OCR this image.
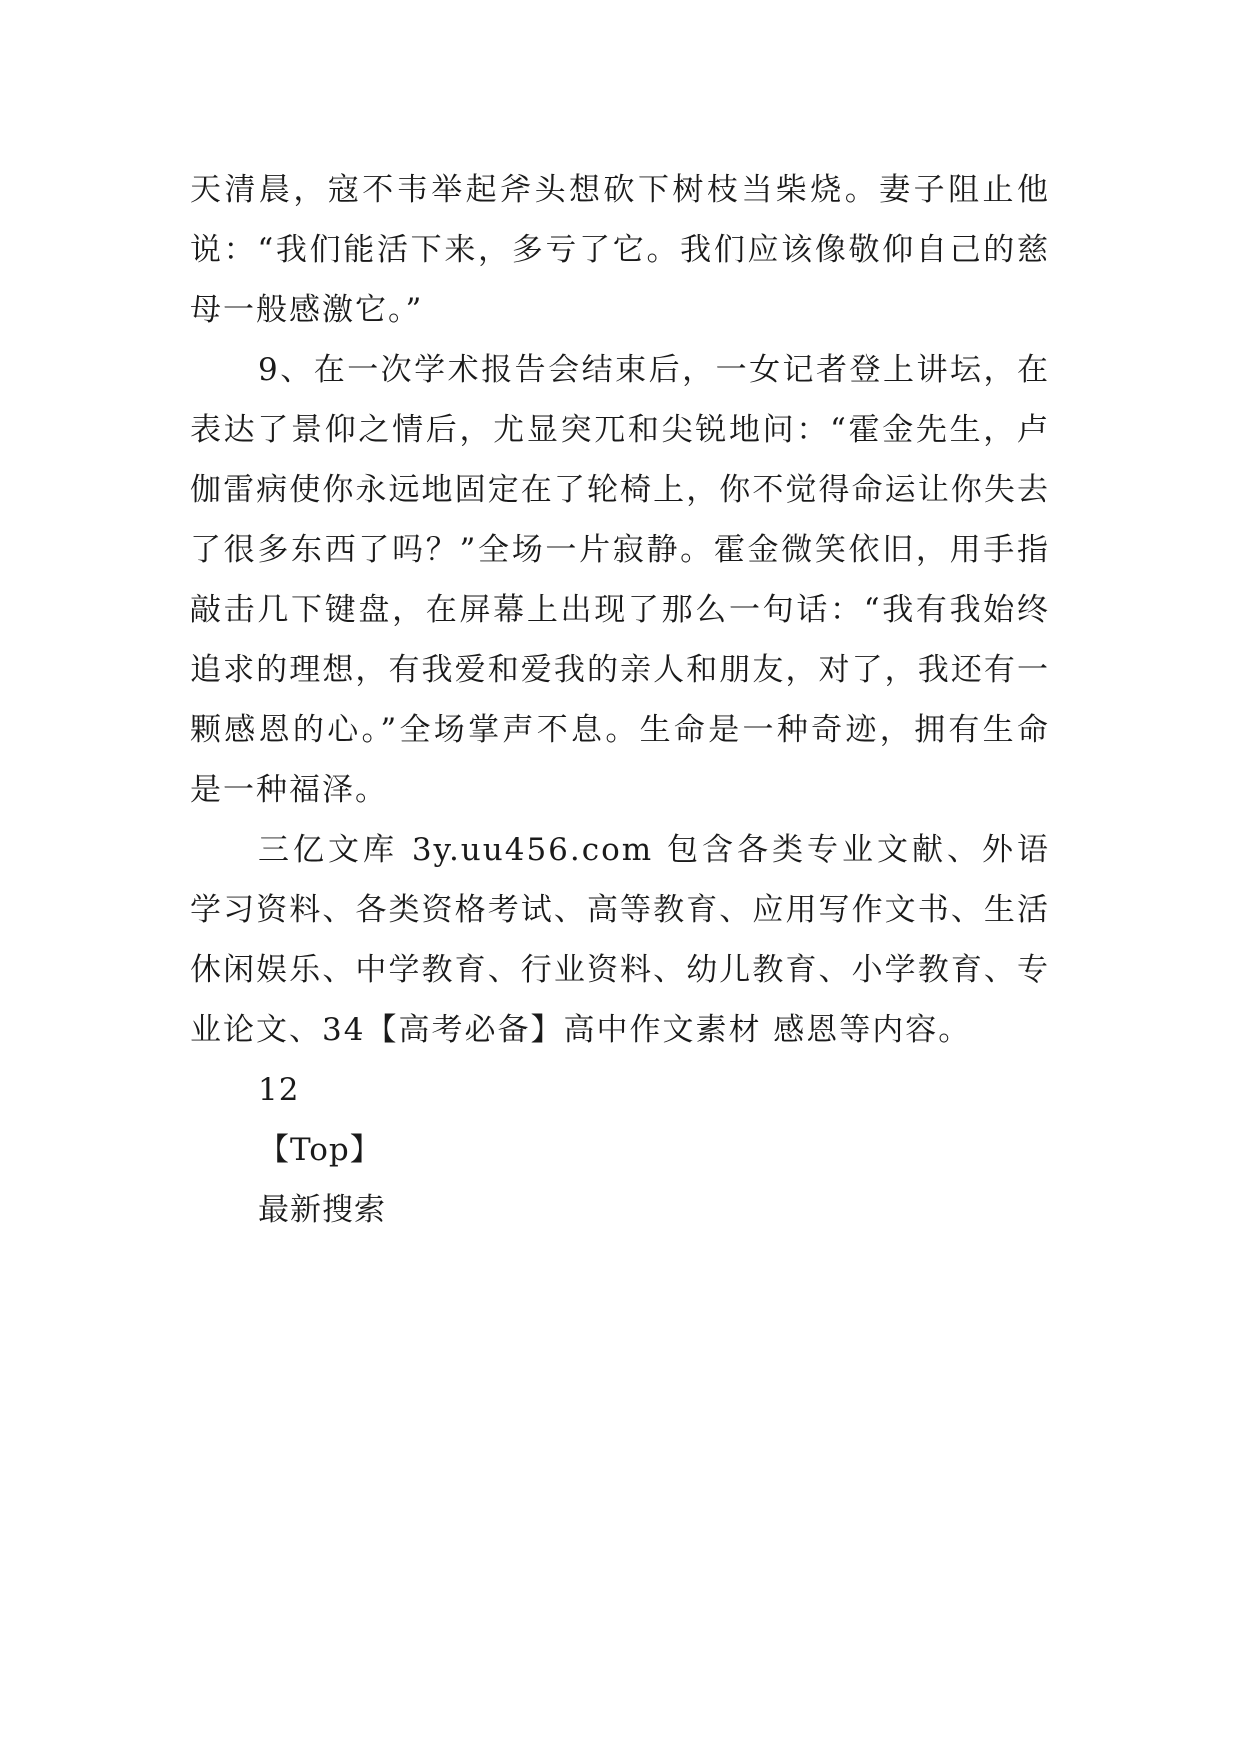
天清晨，寇不韦举起斧头想砍下树枝当柴烧。妻子阻止他说：“我们能活下来，多亏了它。我们应该像敬仰自己的慈母一般感激它。”

9、在一次学术报告会结束后，一女记者登上讲坛，在表达了景仰之情后，尤显突兀和尖锐地问：“霍金先生，卢伽雷病使你永远地固定在了轮椅上，你不觉得命运让你失去了很多东西了吗？”全场一片寂静。霍金微笑依旧，用手指敲击几下键盘，在屏幕上出现了那么一句话：“我有我始终追求的理想，有我爱和爱我的亲人和朋友，对了，我还有一颗感恩的心。”全场掌声不息。生命是一种奇迹，拥有生命是一种福泽。

三亿文库 3y.uu456.com 包含各类专业文献、外语学习资料、各类资格考试、高等教育、应用写作文书、生活休闲娱乐、中学教育、行业资料、幼儿教育、小学教育、专业论文、34【高考必备】高中作文素材 感恩等内容。

12

【Top】

最新搜索
